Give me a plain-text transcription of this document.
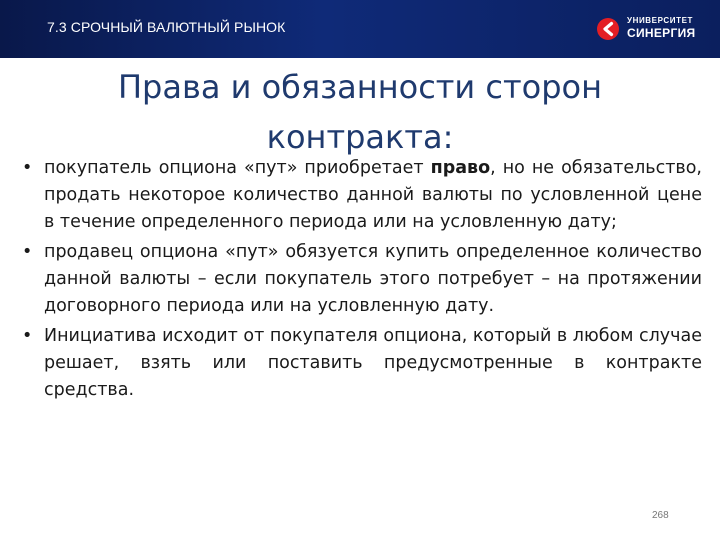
7.3 СРОЧНЫЙ ВАЛЮТНЫЙ РЫНОК	УНИВЕРСИТЕТ
СИНЕРГИЯ
Права и обязанности сторон
контракта:
• покупатель опциона «пут» приобретает право, но не обязательство, продать некоторое количество данной валюты по условленной цене в течение определенного периода или на условленную дату;
• продавец опциона «пут» обязуется купить определенное количество данной валюты – если покупатель этого потребует – на протяжении договорного периода или на условленную дату.
• Инициатива исходит от покупателя опциона, который в любом случае решает, взять или поставить предусмотренные в контракте средства.
268
